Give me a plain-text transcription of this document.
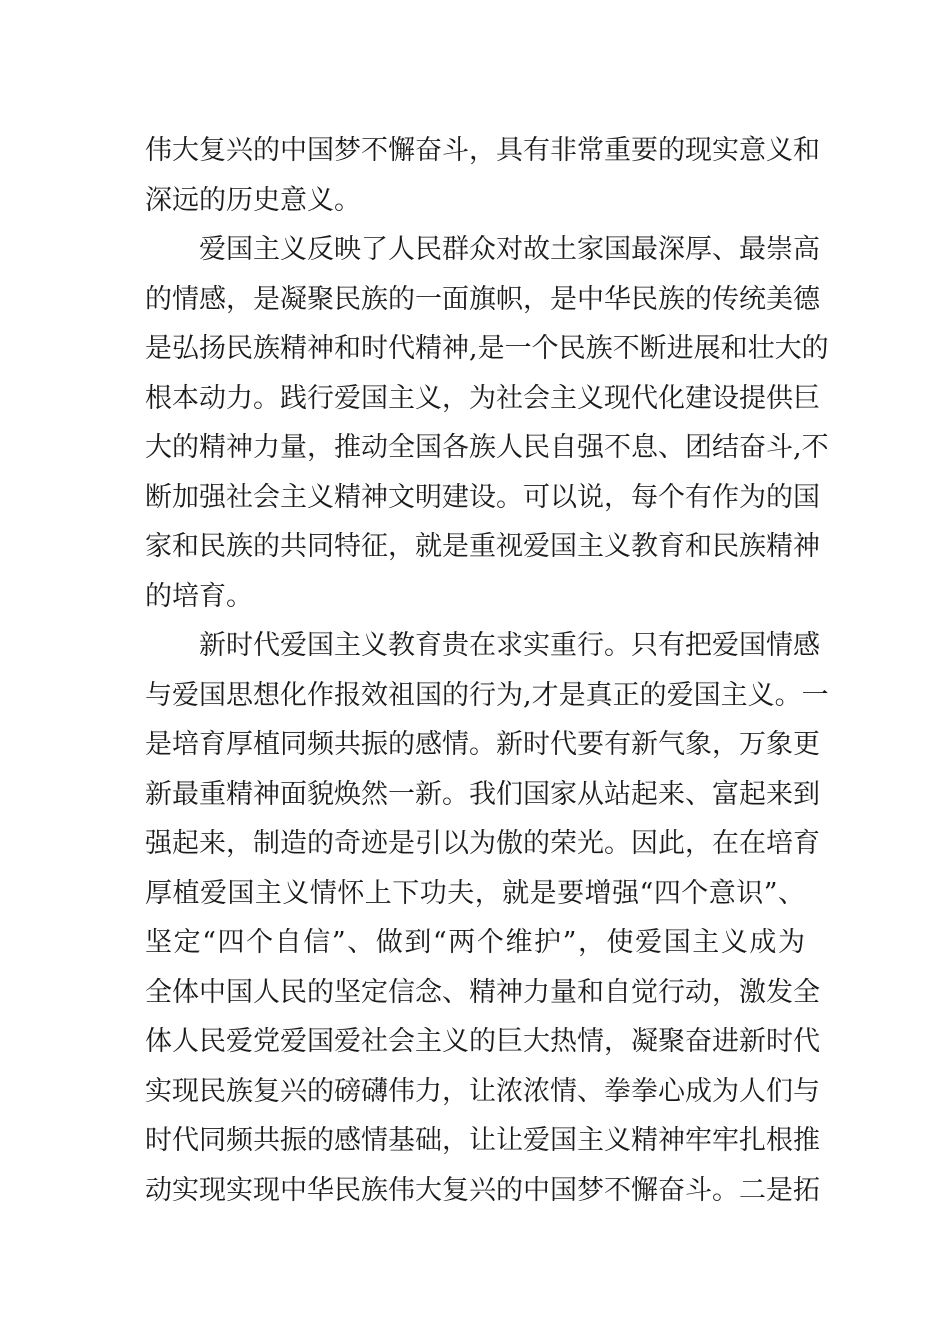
伟大复兴的中国梦不懈奋斗，具有非常重要的现实意义和
深远的历史意义。
爱国主义反映了人民群众对故土家国最深厚、最崇高
的情感，是凝聚民族的一面旗帜，是中华民族的传统美德
是弘扬民族精神和时代精神,是一个民族不断进展和壮大的
根本动力。践行爱国主义，为社会主义现代化建设提供巨
大的精神力量，推动全国各族人民自强不息、团结奋斗,不
断加强社会主义精神文明建设。可以说，每个有作为的国
家和民族的共同特征，就是重视爱国主义教育和民族精神
的培育。
新时代爱国主义教育贵在求实重行。只有把爱国情感
与爱国思想化作报效祖国的行为,才是真正的爱国主义。一
是培育厚植同频共振的感情。新时代要有新气象，万象更
新最重精神面貌焕然一新。我们国家从站起来、富起来到
强起来，制造的奇迹是引以为傲的荣光。因此，在在培育
厚植爱国主义情怀上下功夫，就是要增强“四个意识”、
坚定“四个自信”、做到“两个维护”，使爱国主义成为
全体中国人民的坚定信念、精神力量和自觉行动，激发全
体人民爱党爱国爱社会主义的巨大热情，凝聚奋进新时代
实现民族复兴的磅礴伟力，让浓浓情、拳拳心成为人们与
时代同频共振的感情基础，让让爱国主义精神牢牢扎根推
动实现实现中华民族伟大复兴的中国梦不懈奋斗。二是拓
